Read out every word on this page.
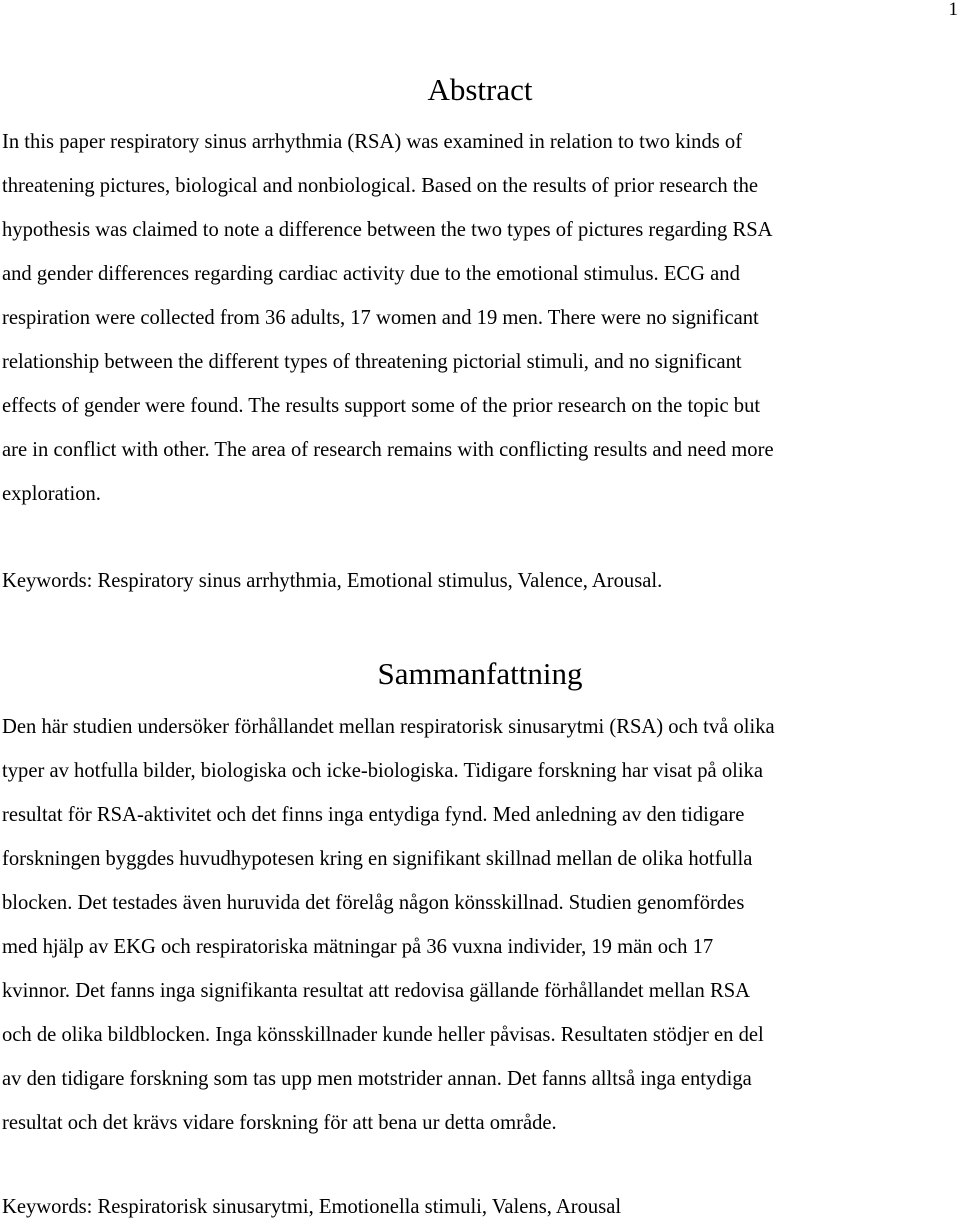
1
Abstract
In this paper respiratory sinus arrhythmia (RSA) was examined in relation to two kinds of
threatening pictures, biological and nonbiological. Based on the results of prior research the
hypothesis was claimed to note a difference between the two types of pictures regarding RSA
and gender differences regarding cardiac activity due to the emotional stimulus. ECG and
respiration were collected from 36 adults, 17 women and 19 men. There were no significant
relationship between the different types of threatening pictorial stimuli, and no significant
effects of gender were found. The results support some of the prior research on the topic but
are in conflict with other. The area of research remains with conflicting results and need more
exploration.
Keywords: Respiratory sinus arrhythmia, Emotional stimulus, Valence, Arousal.
Sammanfattning
Den här studien undersöker förhållandet mellan respiratorisk sinusarytmi (RSA) och två olika
typer av hotfulla bilder, biologiska och icke-biologiska. Tidigare forskning har visat på olika
resultat för RSA-aktivitet och det finns inga entydiga fynd. Med anledning av den tidigare
forskningen byggdes huvudhypotesen kring en signifikant skillnad mellan de olika hotfulla
blocken. Det testades även huruvida det förelåg någon könsskillnad. Studien genomfördes
med hjälp av EKG och respiratoriska mätningar på 36 vuxna individer, 19 män och 17
kvinnor. Det fanns inga signifikanta resultat att redovisa gällande förhållandet mellan RSA
och de olika bildblocken. Inga könsskillnader kunde heller påvisas. Resultaten stödjer en del
av den tidigare forskning som tas upp men motstrider annan. Det fanns alltså inga entydiga
resultat och det krävs vidare forskning för att bena ur detta område.
Keywords: Respiratorisk sinusarytmi, Emotionella stimuli, Valens, Arousal
